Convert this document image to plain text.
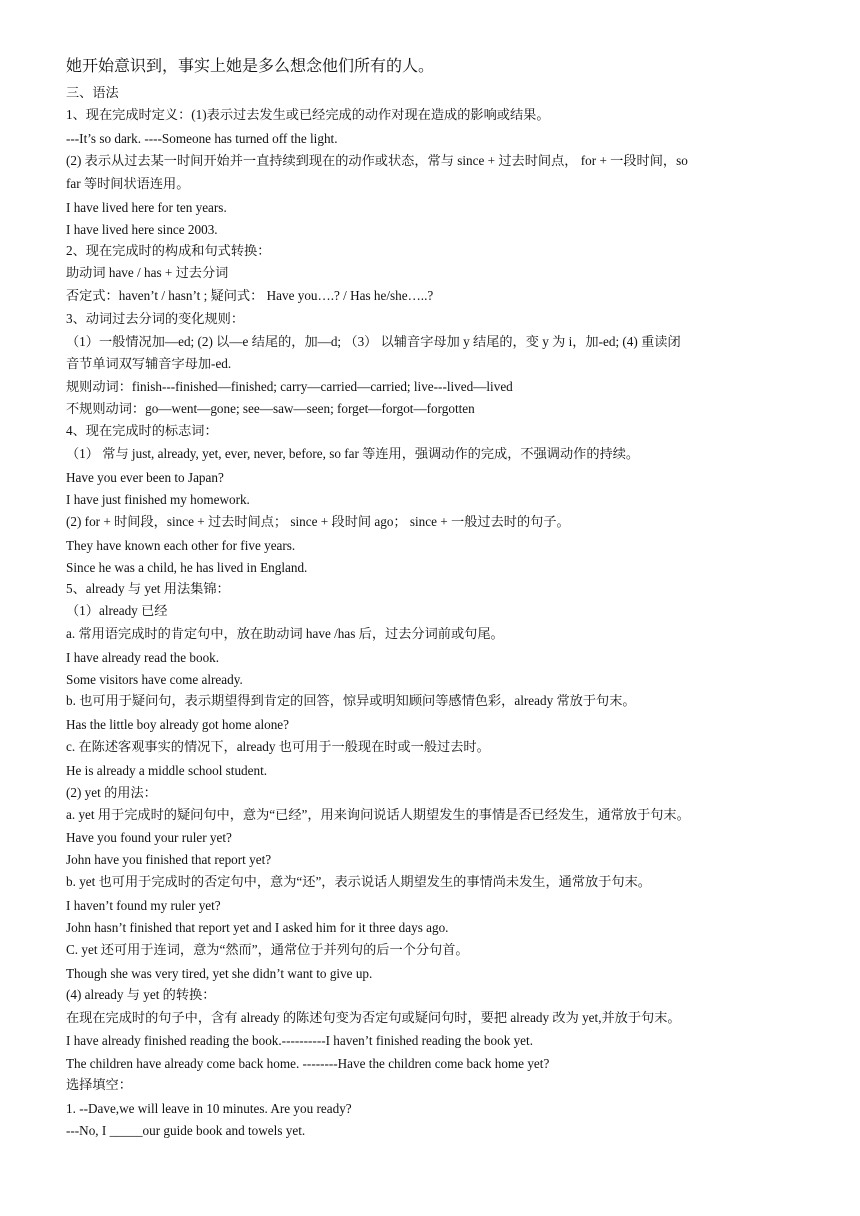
她开始意识到，事实上她是多么想念他们所有的人。
三、语法
1、现在完成时定义：(1)表示过去发生或已经完成的动作对现在造成的影响或结果。
---It’s so dark. ----Someone has turned off the light.
(2) 表示从过去某一时间开始并一直持续到现在的动作或状态，常与 since + 过去时间点， for + 一段时间，so
far 等时间状语连用。
I have lived here for ten years.
I have lived here since 2003.
2、现在完成时的构成和句式转换：
助动词 have / has + 过去分词
否定式：haven’t / hasn’t ; 疑问式： Have you….? / Has he/she…..?
3、动词过去分词的变化规则：
（1）一般情况加—ed; (2) 以—e 结尾的，加—d; （3） 以辅音字母加 y 结尾的，变 y 为 i，加-ed; (4) 重读闭
音节单词双写辅音字母加-ed.
规则动词：finish---finished—finished; carry—carried—carried; live---lived—lived
不规则动词：go—went—gone; see—saw—seen; forget—forgot—forgotten
4、现在完成时的标志词：
（1） 常与 just, already, yet, ever, never, before, so far 等连用，强调动作的完成，不强调动作的持续。
Have you ever been to Japan?
I have just finished my homework.
(2) for + 时间段，since + 过去时间点； since + 段时间 ago； since + 一般过去时的句子。
They have known each other for five years.
Since he was a child, he has lived in England.
5、already 与 yet 用法集锦：
（1）already 已经
a. 常用语完成时的肯定句中，放在助动词 have /has 后，过去分词前或句尾。
I have already read the book.
Some visitors have come already.
b. 也可用于疑问句，表示期望得到肯定的回答，惊异或明知顾问等感情色彩，already 常放于句末。
Has the little boy already got home alone?
c. 在陈述客观事实的情况下，already 也可用于一般现在时或一般过去时。
He is already a middle school student.
(2) yet 的用法：
a. yet 用于完成时的疑问句中，意为“已经”，用来询问说话人期望发生的事情是否已经发生，通常放于句末。
Have you found your ruler yet?
John have you finished that report yet?
b. yet 也可用于完成时的否定句中，意为“还”，表示说话人期望发生的事情尚未发生，通常放于句末。
I haven’t found my ruler yet?
John hasn’t finished that report yet and I asked him for it three days ago.
C. yet 还可用于连词，意为“然而”，通常位于并列句的后一个分句首。
Though she was very tired, yet she didn’t want to give up.
(4) already 与 yet 的转换：
在现在完成时的句子中，含有 already 的陈述句变为否定句或疑问句时，要把 already 改为 yet,并放于句末。
I have already finished reading the book.----------I haven’t finished reading the book yet.
The children have already come back home. --------Have the children come back home yet?
选择填空：
1. --Dave,we will leave in 10 minutes. Are you ready?
---No, I _____our guide book and towels yet.
